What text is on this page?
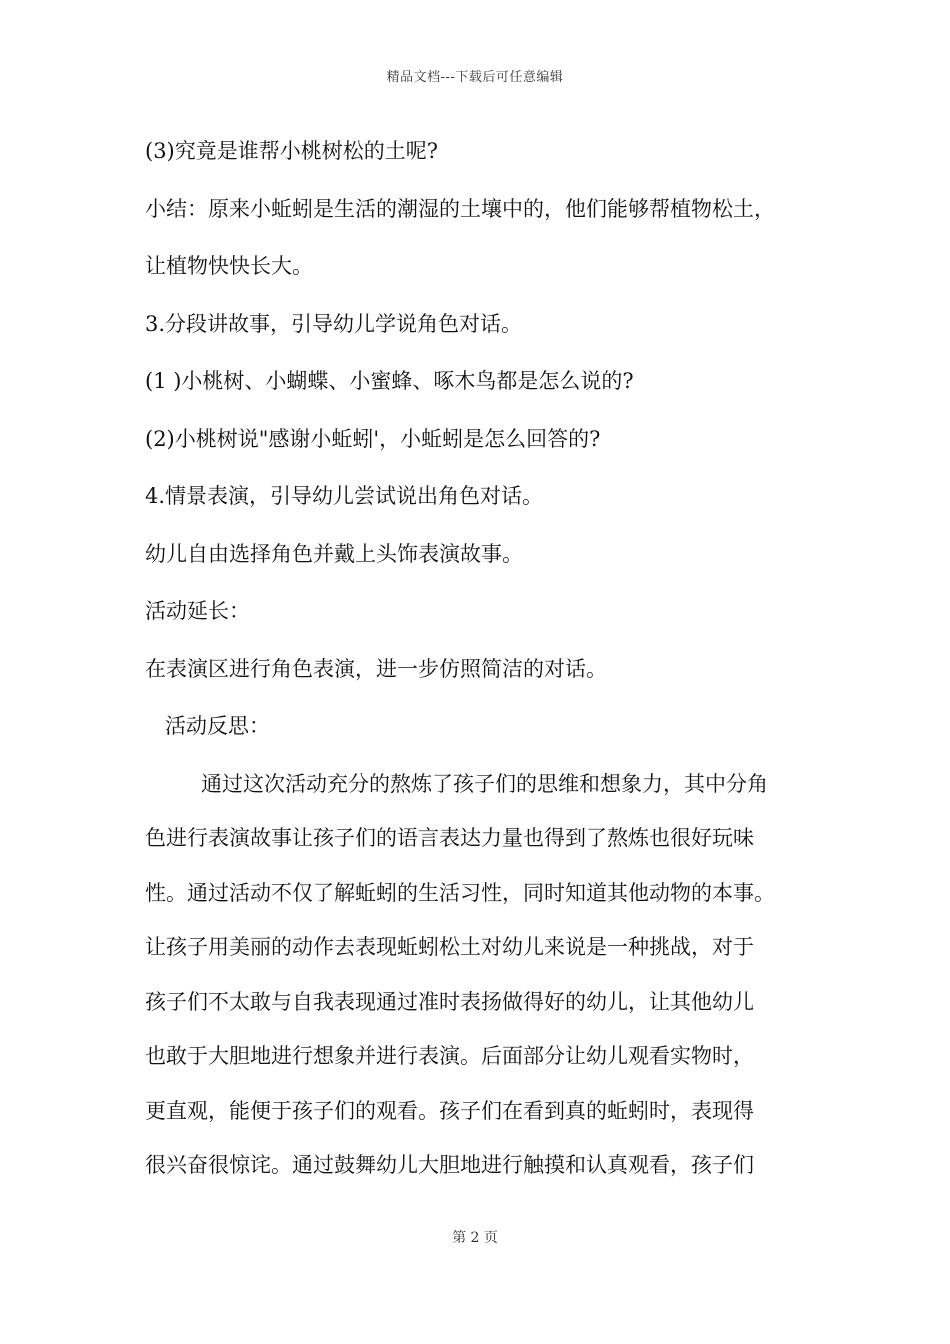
精品文档---下载后可任意编辑
(3)究竟是谁帮小桃树松的土呢?
小结：原来小蚯蚓是生活的潮湿的土壤中的，他们能够帮植物松土，
让植物快快长大。
3.分段讲故事，引导幼儿学说角色对话。
(1 )小桃树、小蝴蝶、小蜜蜂、啄木鸟都是怎么说的?
(2)小桃树说"感谢小蚯蚓'，小蚯蚓是怎么回答的?
4.情景表演，引导幼儿尝试说出角色对话。
幼儿自由选择角色并戴上头饰表演故事。
活动延长：
在表演区进行角色表演，进一步仿照简洁的对话。
活动反思：
通过这次活动充分的熬炼了孩子们的思维和想象力，其中分角
色进行表演故事让孩子们的语言表达力量也得到了熬炼也很好玩味
性。通过活动不仅了解蚯蚓的生活习性，同时知道其他动物的本事。
让孩子用美丽的动作去表现蚯蚓松土对幼儿来说是一种挑战，对于
孩子们不太敢与自我表现通过准时表扬做得好的幼儿，让其他幼儿
也敢于大胆地进行想象并进行表演。后面部分让幼儿观看实物时，
更直观，能便于孩子们的观看。孩子们在看到真的蚯蚓时，表现得
很兴奋很惊诧。通过鼓舞幼儿大胆地进行触摸和认真观看，孩子们
第 2 页
